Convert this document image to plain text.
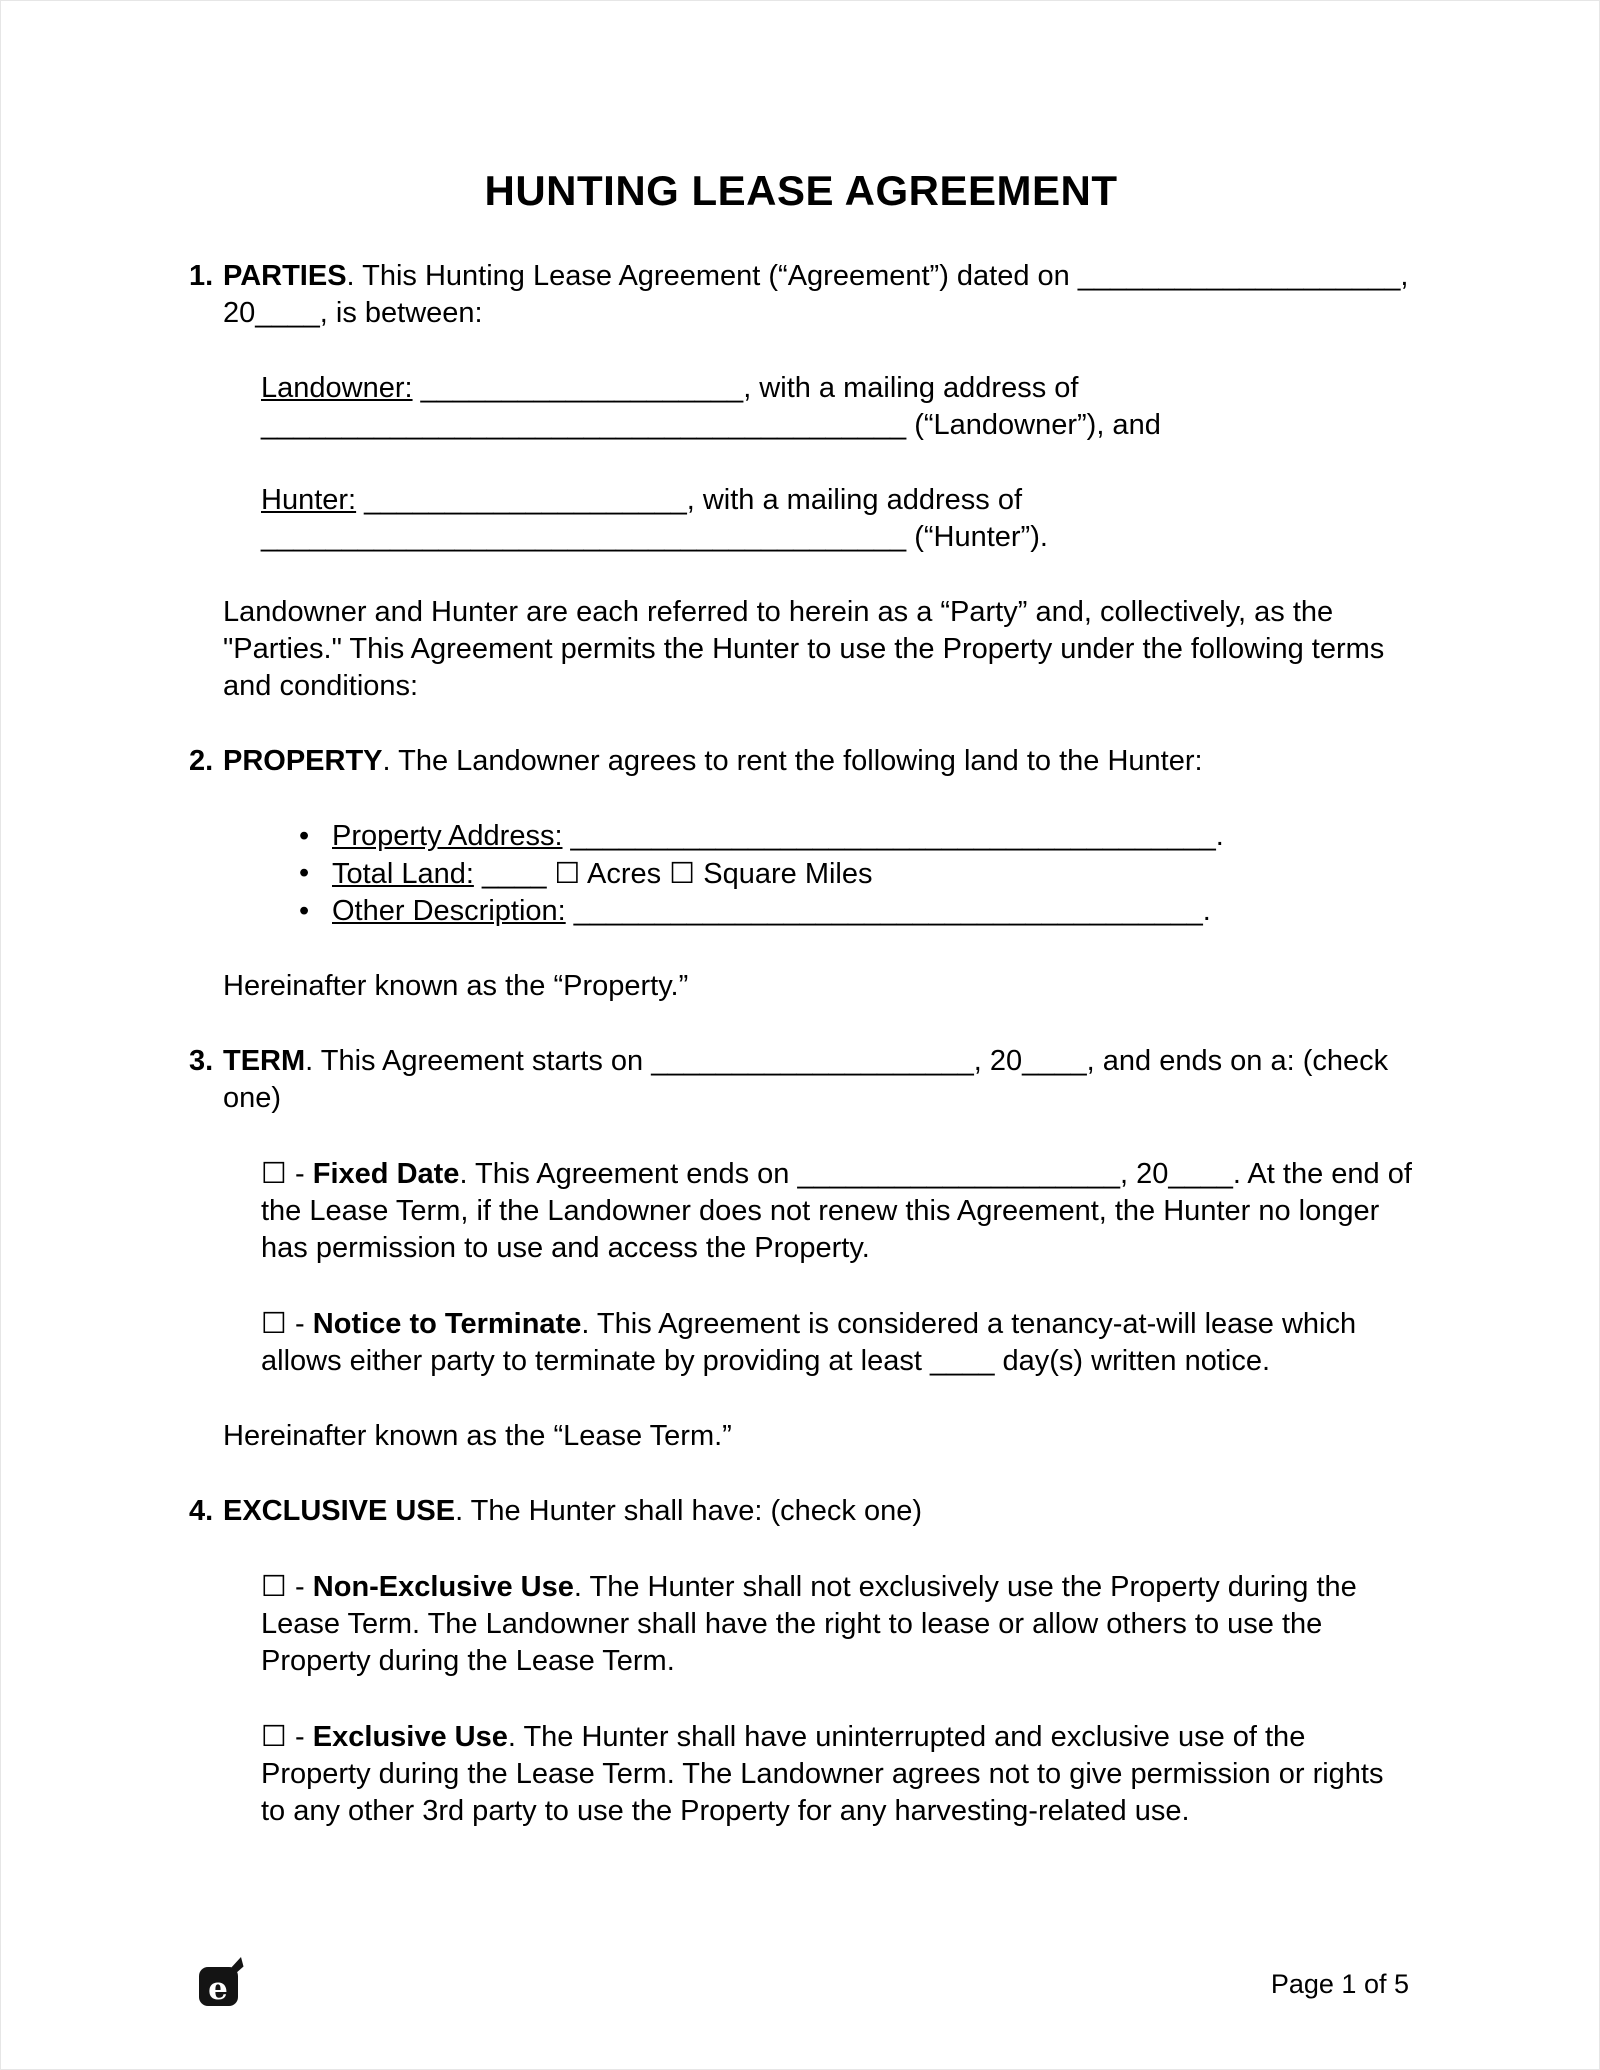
HUNTING LEASE AGREEMENT
1. PARTIES. This Hunting Lease Agreement (“Agreement”) dated on ____________________, 20____, is between:

Landowner: ____________________, with a mailing address of ________________________________________ (“Landowner”), and

Hunter: ____________________, with a mailing address of ________________________________________ (“Hunter”).

Landowner and Hunter are each referred to herein as a “Party” and, collectively, as the "Parties." This Agreement permits the Hunter to use the Property under the following terms and conditions:

2. PROPERTY. The Landowner agrees to rent the following land to the Hunter:

• Property Address: ________________________________________.
• Total Land: ____ ☐ Acres ☐ Square Miles
• Other Description: _______________________________________.

Hereinafter known as the “Property.”

3. TERM. This Agreement starts on ____________________, 20____, and ends on a: (check one)

☐ - Fixed Date. This Agreement ends on ____________________, 20____. At the end of the Lease Term, if the Landowner does not renew this Agreement, the Hunter no longer has permission to use and access the Property.

☐ - Notice to Terminate. This Agreement is considered a tenancy-at-will lease which allows either party to terminate by providing at least ____ day(s) written notice.

Hereinafter known as the “Lease Term.”

4. EXCLUSIVE USE. The Hunter shall have: (check one)

☐ - Non-Exclusive Use. The Hunter shall not exclusively use the Property during the Lease Term. The Landowner shall have the right to lease or allow others to use the Property during the Lease Term.

☐ - Exclusive Use. The Hunter shall have uninterrupted and exclusive use of the Property during the Lease Term. The Landowner agrees not to give permission or rights to any other 3rd party to use the Property for any harvesting-related use.

e	Page 1 of 5
